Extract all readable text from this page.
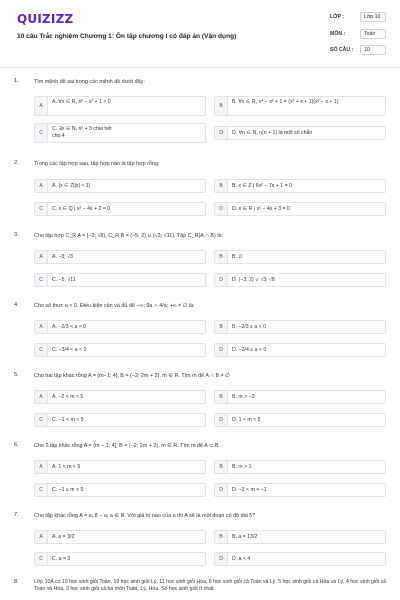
QUIZIZZ
10 câu Trắc nghiệm Chương 1: Ôn tập chương I có đáp án (Vận dụng)
LỚP :	Lớp 10
MÔN :	Toán
SỐ CÂU :	10
1.	Tìm mệnh đề sai trong các mệnh đề dưới đây:
A
A. ∀x ∈ R, x² − x² + 1 > 0
B
B. ∀x ∈ R, x⁴ − x² + 1 = (x² + x + 1)(x² − x + 1)
C
C. ∃x ∈ N, n² + 3 chia hết cho 4	D	D. ∀n ∈ N, n(n + 1) là một số chẵn
2.	Trong các tập hợp sau, tập hợp nào là tập hợp rỗng:
A	A. {x ∈ Z||x| < 1}	B	B. x ∈ Z | 6x² − 7x + 1 = 0
C	C. x ∈ Q | x² − 4x + 2 = 0	D	D. x ∈ R | x² − 4x + 3 = 0
3.	Cho tập hợp C_R A = [−3; √8), C_R B = (−5; 2) ∪ (√3; √11). Tập C_R(A ∩ B) là:
A	A. −3; √3	B	B. ∅
C	C. −5; √11	D	D. (−3; 2) ∪ √3; √8
4.	Cho số thực a < 0. Điều kiện cần và đủ để −∞; 9a ∩ 4/a; +∞ ≠ ∅ là:
A	A. −2/3 < a < 0	B	B. −2/3 ≤ a < 0
C	C. −3/4 < a < 0	D	D. −3/4 ≤ a < 0
5.	Cho hai tập khác rỗng A = (m−1; 4]; B = (−2; 2m + 2), m ∈ R. Tìm m để A ∩ B ≠ ∅
A	A. −2 < m < 5	B	B. m > −3
C	C. −1 < m < 5	D	D. 1 < m < 5
6.	Cho 2 tập khác rỗng A = (m − 1; 4]; B = (−2; 2m + 2), m ∈ R. Tìm m để A ⊂ B
A	A. 1 < m < 5	B	B. m > 1
C	C. −1 ≤ m < 5	D	D. −2 < m < −1
7.	Cho tập khác rỗng A = a; 8 − a, a ∈ R. Với giá trị nào của a thì A sẽ là một đoạn có độ dài 5?
A	A. a = 3/2	B	B. a = 13/2
C	C. a = 3	D	D. a < 4
8.	Lớp 10A có 10 học sinh giỏi Toán, 10 học sinh giỏi Lý, 11 học sinh giỏi Hóa, 6 học sinh giỏi cả Toán và Lý, 5 học sinh giỏi cả Hóa và Lý, 4 học sinh giỏi cả Toán và Hóa, 3 học sinh giỏi cả ba môn Toán, Lý, Hóa. Số học sinh giỏi ít nhất
